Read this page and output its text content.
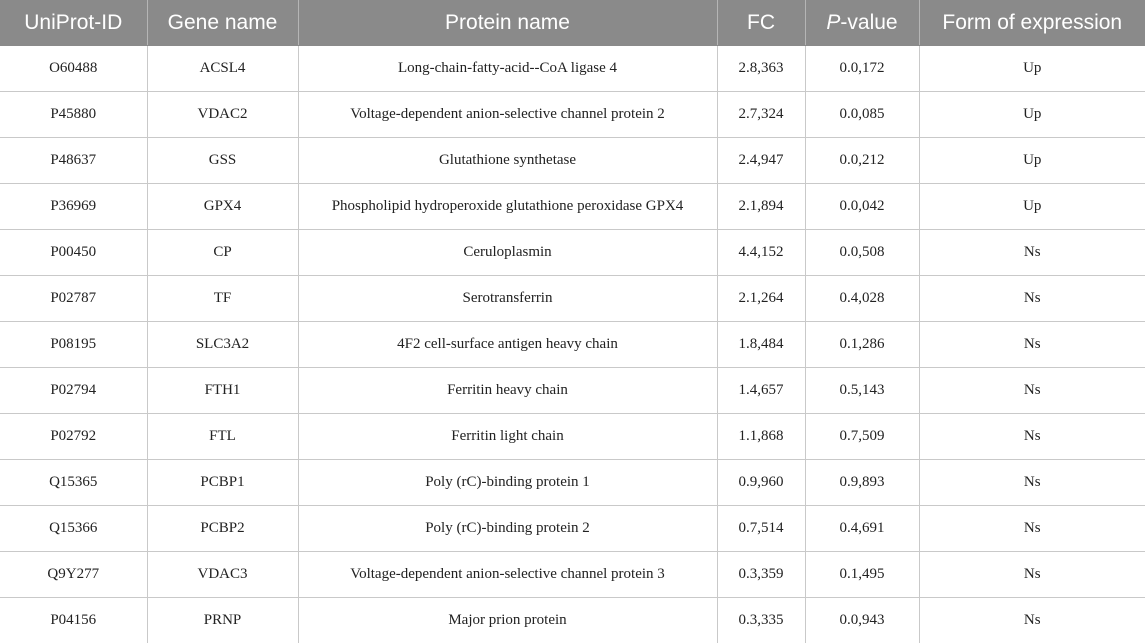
UniProt-ID	Gene name	Protein name	FC	P-value	Form of expression
O60488	ACSL4	Long-chain-fatty-acid--CoA ligase 4	2.8,363	0.0,172	Up
P45880	VDAC2	Voltage-dependent anion-selective channel protein 2	2.7,324	0.0,085	Up
P48637	GSS	Glutathione synthetase	2.4,947	0.0,212	Up
P36969	GPX4	Phospholipid hydroperoxide glutathione peroxidase GPX4	2.1,894	0.0,042	Up
P00450	CP	Ceruloplasmin	4.4,152	0.0,508	Ns
P02787	TF	Serotransferrin	2.1,264	0.4,028	Ns
P08195	SLC3A2	4F2 cell-surface antigen heavy chain	1.8,484	0.1,286	Ns
P02794	FTH1	Ferritin heavy chain	1.4,657	0.5,143	Ns
P02792	FTL	Ferritin light chain	1.1,868	0.7,509	Ns
Q15365	PCBP1	Poly (rC)-binding protein 1	0.9,960	0.9,893	Ns
Q15366	PCBP2	Poly (rC)-binding protein 2	0.7,514	0.4,691	Ns
Q9Y277	VDAC3	Voltage-dependent anion-selective channel protein 3	0.3,359	0.1,495	Ns
P04156	PRNP	Major prion protein	0.3,335	0.0,943	Ns
